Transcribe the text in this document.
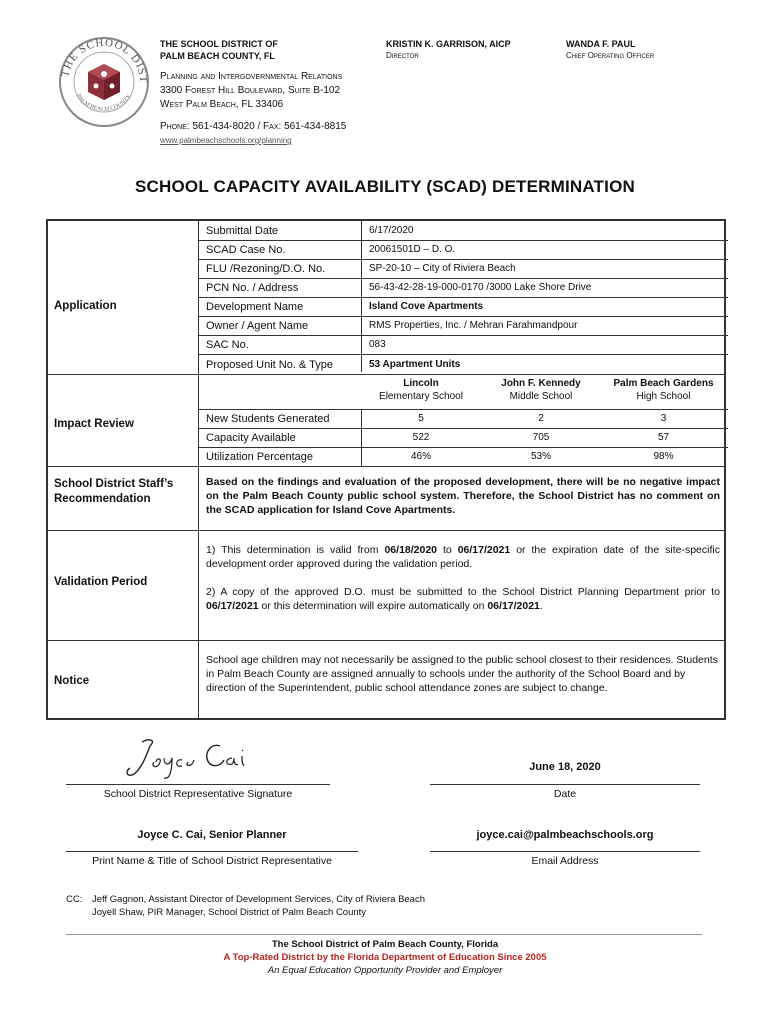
THE SCHOOL DIST
PALM BEACH COUNTY
THE SCHOOL DISTRICT OF
PALM BEACH COUNTY, FL
KRISTIN K. GARRISON, AICP
Director
WANDA F. PAUL
Chief Operating Officer
Planning and Intergovernmental Relations
3300 Forest Hill Boulevard, Suite B-102
West Palm Beach, FL 33406
Phone: 561-434-8020 / Fax: 561-434-8815
www.palmbeachschools.org/planning
SCHOOL CAPACITY AVAILABILITY (SCAD) DETERMINATION
Application
Submittal Date	6/17/2020
SCAD Case No.	20061501D – D. O.
FLU /Rezoning/D.O. No.	SP-20-10 – City of Riviera Beach
PCN No. / Address	56-43-42-28-19-000-0170 /3000 Lake Shore Drive
Development Name	Island Cove Apartments
Owner / Agent Name	RMS Properties, Inc. / Mehran Farahmandpour
SAC No.	083
Proposed Unit No. & Type	53 Apartment Units
Impact Review
Lincoln
Elementary School
John F. Kennedy
Middle School
Palm Beach Gardens
High School
New Students Generated	5	2	3
Capacity Available	522	705	57
Utilization Percentage	46%	53%	98%
School District Staff’s
Recommendation
Based on the findings and evaluation of the proposed development, there will be no negative impact on the Palm Beach County public school system. Therefore, the School District has no comment on the SCAD application for Island Cove Apartments.
Validation Period
1) This determination is valid from 06/18/2020 to 06/17/2021 or the expiration date of the site-specific development order approved during the validation period.
2) A copy of the approved D.O. must be submitted to the School District Planning Department prior to 06/17/2021 or this determination will expire automatically on 06/17/2021.
Notice
School age children may not necessarily be assigned to the public school closest to their residences. Students in Palm Beach County are assigned annually to schools under the authority of the School Board and by direction of the Superintendent, public school attendance zones are subject to change.
School District Representative Signature
June 18, 2020
Date
Joyce C. Cai, Senior Planner
Print Name & Title of School District Representative
joyce.cai@palmbeachschools.org
Email Address
CC: Jeff Gagnon, Assistant Director of Development Services, City of Riviera Beach
Joyell Shaw, PIR Manager, School District of Palm Beach County
The School District of Palm Beach County, Florida
A Top-Rated District by the Florida Department of Education Since 2005
An Equal Education Opportunity Provider and Employer
